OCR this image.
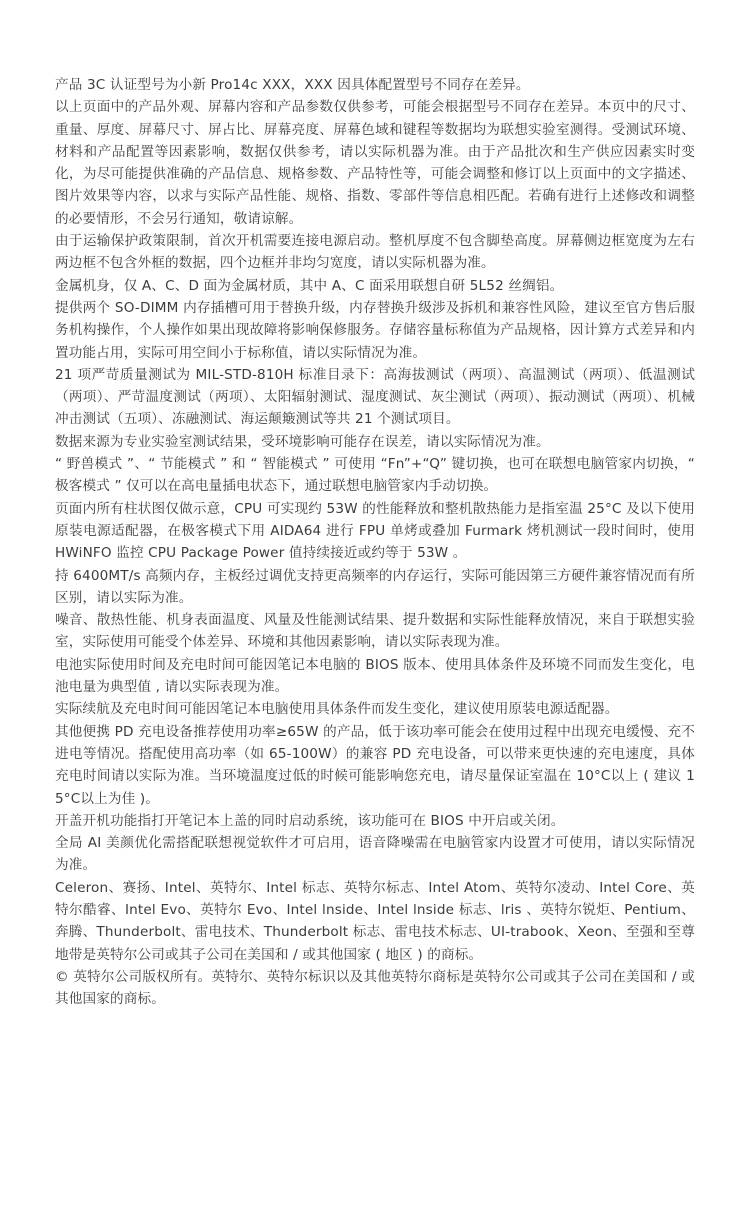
产品 3C 认证型号为小新 Pro14c XXX，XXX 因具体配置型号不同存在差异。

以上页面中的产品外观、屏幕内容和产品参数仅供参考，可能会根据型号不同存在差异。本页中的尺寸、重量、厚度、屏幕尺寸、屏占比、屏幕亮度、屏幕色域和键程等数据均为联想实验室测得。受测试环境、材料和产品配置等因素影响，数据仅供参考，请以实际机器为准。由于产品批次和生产供应因素实时变化，为尽可能提供准确的产品信息、规格参数、产品特性等，可能会调整和修订以上页面中的文字描述、图片效果等内容，以求与实际产品性能、规格、指数、零部件等信息相匹配。若确有进行上述修改和调整的必要情形，不会另行通知，敬请谅解。

由于运输保护政策限制，首次开机需要连接电源启动。整机厚度不包含脚垫高度。屏幕侧边框宽度为左右两边框不包含外框的数据，四个边框并非均匀宽度，请以实际机器为准。

金属机身，仅 A、C、D 面为金属材质，其中 A、C 面采用联想自研 5L52 丝绸铝。

提供两个 SO-DIMM 内存插槽可用于替换升级，内存替换升级涉及拆机和兼容性风险，建议至官方售后服务机构操作，个人操作如果出现故障将影响保修服务。存储容量标称值为产品规格，因计算方式差异和内置功能占用，实际可用空间小于标称值，请以实际情况为准。

21 项严苛质量测试为 MIL-STD-810H 标准目录下：高海拔测试（两项）、高温测试（两项）、低温测试（两项）、严苛温度测试（两项）、太阳辐射测试、湿度测试、灰尘测试（两项）、振动测试（两项）、机械冲击测试（五项）、冻融测试、海运颠簸测试等共 21 个测试项目。

数据来源为专业实验室测试结果，受环境影响可能存在误差，请以实际情况为准。

“ 野兽模式 ”、“ 节能模式 ” 和 “ 智能模式 ” 可使用 “Fn”+“Q” 键切换，也可在联想电脑管家内切换，“ 极客模式 ” 仅可以在高电量插电状态下，通过联想电脑管家内手动切换。

页面内所有柱状图仅做示意，CPU 可实现约 53W 的性能释放和整机散热能力是指室温 25°C 及以下使用原装电源适配器，在极客模式下用 AIDA64 进行 FPU 单烤或叠加 Furmark 烤机测试一段时间时，使用 HWiNFO 监控 CPU Package Power 值持续接近或约等于 53W 。

持 6400MT/s 高频内存，主板经过调优支持更高频率的内存运行，实际可能因第三方硬件兼容情况而有所区别，请以实际为准。

噪音、散热性能、机身表面温度、风量及性能测试结果、提升数据和实际性能释放情况，来自于联想实验室，实际使用可能受个体差异、环境和其他因素影响，请以实际表现为准。

电池实际使用时间及充电时间可能因笔记本电脑的 BIOS 版本、使用具体条件及环境不同而发生变化，电池电量为典型值 , 请以实际表现为准。

实际续航及充电时间可能因笔记本电脑使用具体条件而发生变化，建议使用原装电源适配器。

其他便携 PD 充电设备推荐使用功率≥65W 的产品，低于该功率可能会在使用过程中出现充电缓慢、充不进电等情况。搭配使用高功率（如 65-100W）的兼容 PD 充电设备，可以带来更快速的充电速度，具体充电时间请以实际为准。当环境温度过低的时候可能影响您充电，请尽量保证室温在 10°C以上 ( 建议 15°C以上为佳 )。

开盖开机功能指打开笔记本上盖的同时启动系统，该功能可在 BIOS 中开启或关闭。

全局 AI 美颜优化需搭配联想视觉软件才可启用，语音降噪需在电脑管家内设置才可使用，请以实际情况为准。

Celeron、赛扬、Intel、英特尔、Intel 标志、英特尔标志、Intel Atom、英特尔凌动、Intel Core、英特尔酷睿、Intel Evo、英特尔 Evo、Intel lnside、Intel lnside 标志、lris 、英特尔锐炬、Pentium、奔腾、Thunderbolt、雷电技术、Thunderbolt 标志、雷电技术标志、UI-trabook、Xeon、至强和至尊地带是英特尔公司或其子公司在美国和 / 或其他国家 ( 地区 ) 的商标。

© 英特尔公司版权所有。英特尔、英特尔标识以及其他英特尔商标是英特尔公司或其子公司在美国和 / 或其他国家的商标。
